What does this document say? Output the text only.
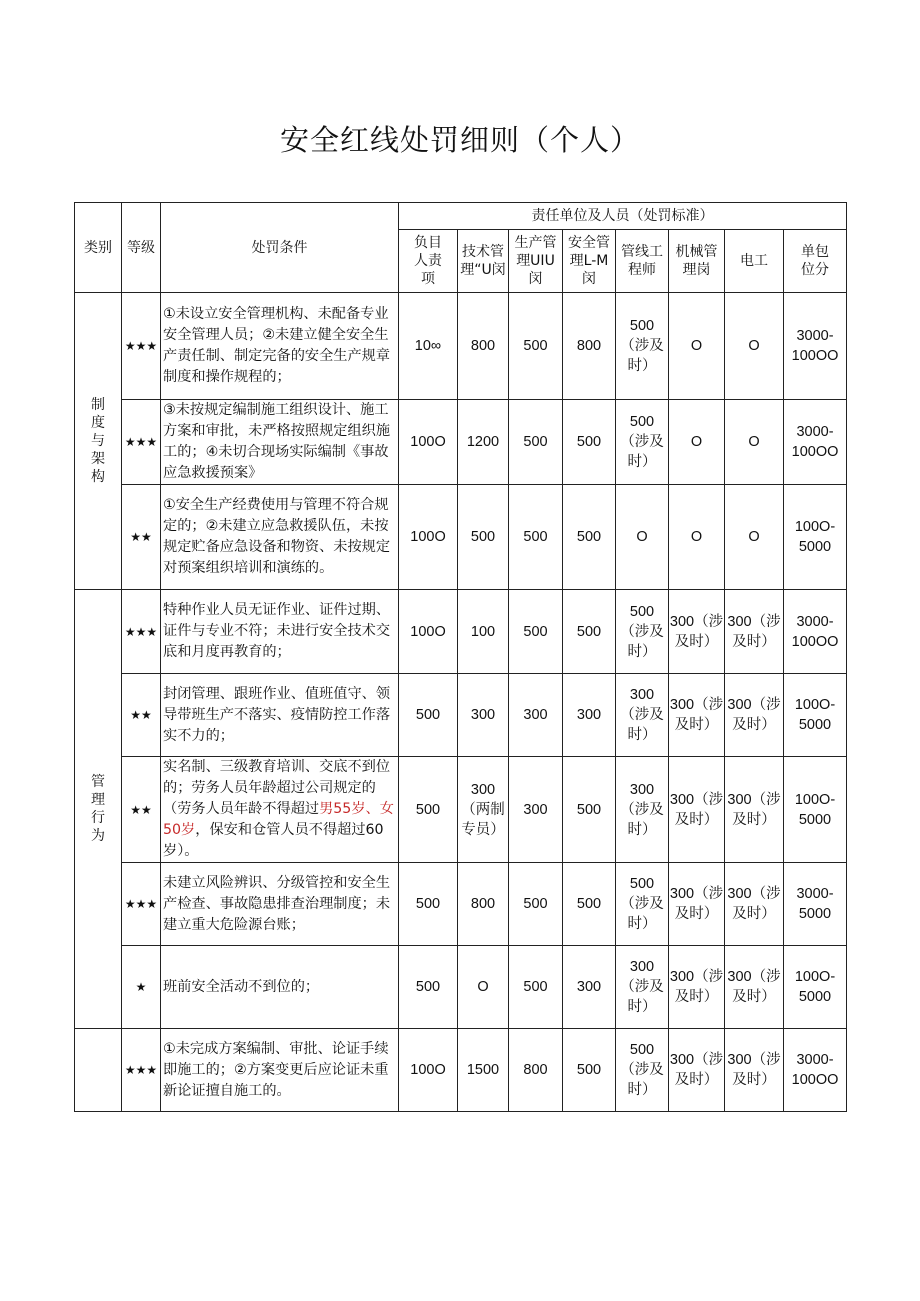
安全红线处罚细则（个人）
类别	等级	处罚条件	责任单位及人员（处罚标准）							
			负目人责项	技术管理“U闵	生产管理UIU闵	安全管理L-M闵	管线工程师	机械管理岗	电工	单包位分
制度与架构	★★★	①未设立安全管理机构、未配备专业安全管理人员；②未建立健全安全生产责任制、制定完备的安全生产规章制度和操作规程的；	10∞	800	500	800	500（涉及时）	O	O	3000-100OO
	★★★	③未按规定编制施工组织设计、施工方案和审批，未严格按照规定组织施工的；④未切合现场实际编制《事故应急救援预案》	100O	1200	500	500	500（涉及时）	O	O	3000-100OO
	★★	①安全生产经费使用与管理不符合规定的；②未建立应急救援队伍，未按规定贮备应急设备和物资、未按规定对预案组织培训和演练的。	100O	500	500	500	O	O	O	100O-5000
管理行为	★★★	特种作业人员无证作业、证件过期、证件与专业不符；未进行安全技术交底和月度再教育的；	100O	100	500	500	500（涉及时）	300（涉及时）	300（涉及时）	3000-100OO
	★★	封闭管理、跟班作业、值班值守、领导带班生产不落实、疫情防控工作落实不力的；	500	300	300	300	300（涉及时）	300（涉及时）	300（涉及时）	100O-5000
	★★	实名制、三级教育培训、交底不到位的；劳务人员年龄超过公司规定的（劳务人员年龄不得超过男55岁、女50岁，保安和仓管人员不得超过60岁）。	500	300（两制专员）	300	500	300（涉及时）	300（涉及时）	300（涉及时）	100O-5000
	★★★	未建立风险辨识、分级管控和安全生产检查、事故隐患排查治理制度；未建立重大危险源台账；	500	800	500	500	500（涉及时）	300（涉及时）	300（涉及时）	3000-5000
	★	班前安全活动不到位的；	500	O	500	300	300（涉及时）	300（涉及时）	300（涉及时）	100O-5000
	★★★	①未完成方案编制、审批、论证手续即施工的；②方案变更后应论证未重新论证擅自施工的。	100O	1500	800	500	500（涉及时）	300（涉及时）	300（涉及时）	3000-100OO
